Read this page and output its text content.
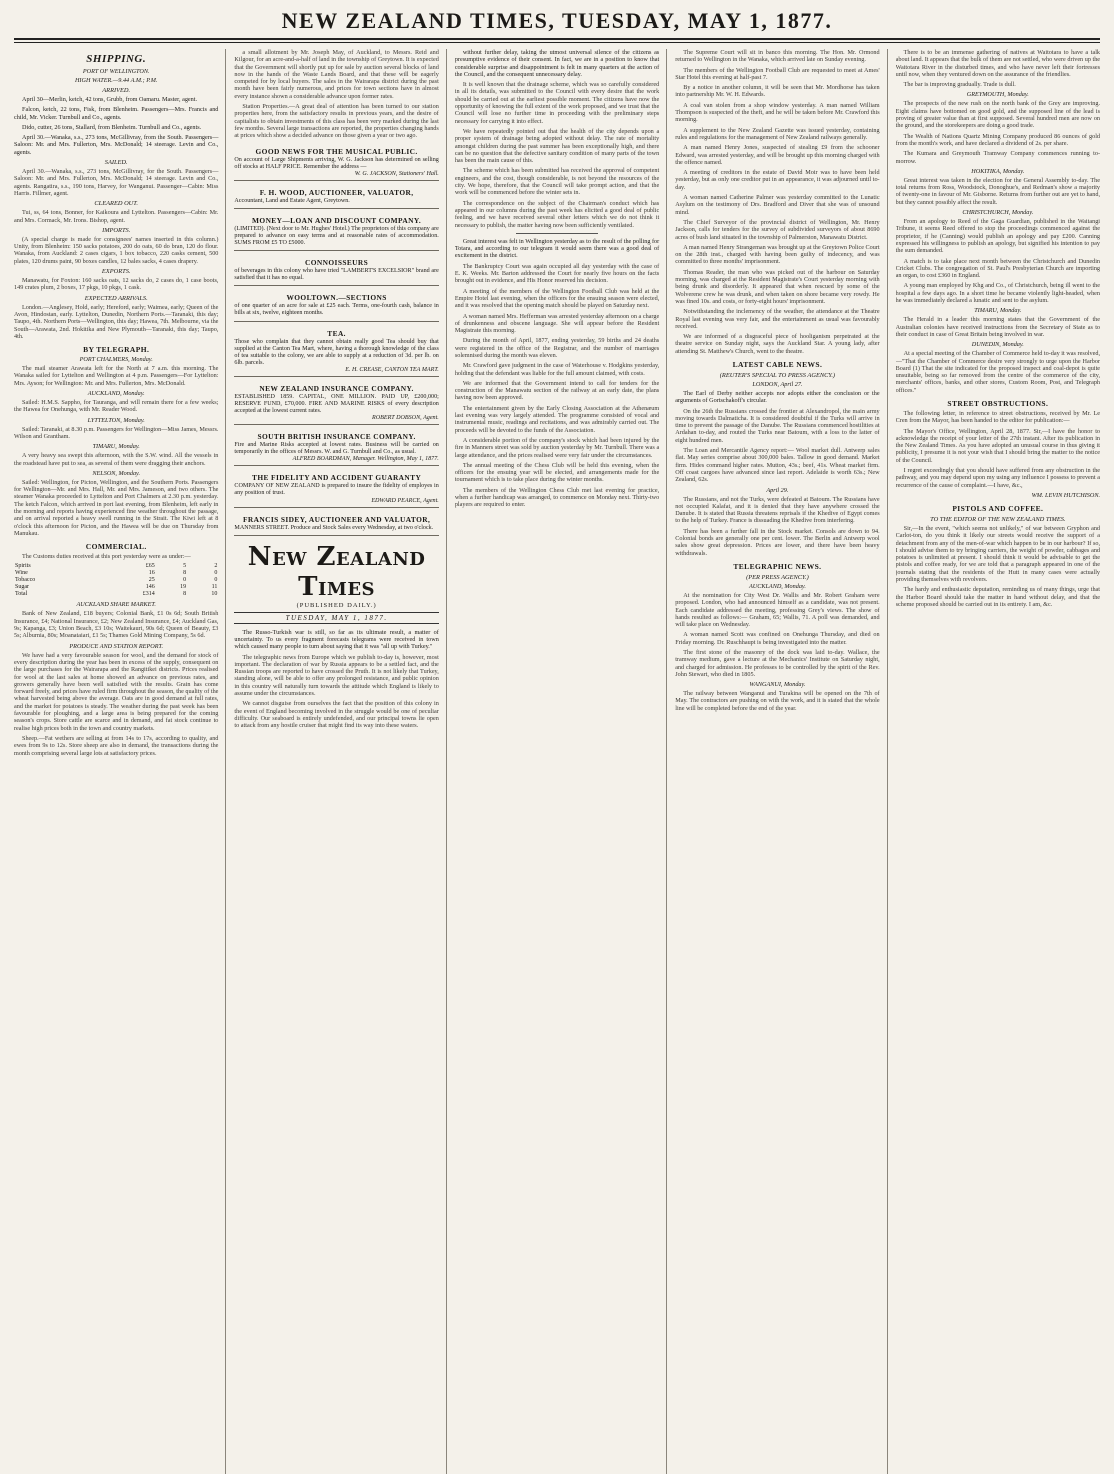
NEW ZEALAND TIMES, TUESDAY, MAY 1, 1877.
SHIPPING.
PORT OF WELLINGTON.
HIGH WATER.—9.44 A.M.; P.M.
ARRIVED.

April 30—Merlin, ketch, 42 tons, Grubb, from Oamaru. Master, agent.

Falcon, ketch, 22 tons, Fisk, from Blenheim. Passengers—Mrs. Francis and child, Mr. Vicker. Turnbull and Co., agents.

Dido, cutter, 26 tons, Stallard, from Blenheim. Turnbull and Co., agents.

April 30.—Wanaka, s.s., 273 tons, McGillivray, from the South. Passengers—Saloon: Mr. and Mrs. Fullerton, Mrs. McDonald; 14 steerage. Levin and Co., agents.

SAILED.

April 30.—Wanaka, s.s., 273 tons, McGillivray, for the South. Passengers—Saloon: Mr. and Mrs. Fullerton, Mrs. McDonald; 14 steerage. Levin and Co., agents. Rangatira, s.s., 190 tons, Harvey, for Wanganui. Passenger—Cabin: Miss Harris. Fillmer, agent.

CLEARED OUT.

Tui, ss, 64 tons, Bonner, for Kaikoura and Lyttelton. Passengers—Cabin: Mr. and Mrs. Cormack, Mr. Irons. Bishop, agent.

IMPORTS.

(A special charge is made for consignees' names inserted in this column.) Unity, from Blenheim: 150 sacks potatoes, 200 do oats, 60 do bran, 120 do flour. Wanaka, from Auckland: 2 cases cigars, 1 box tobacco, 220 casks cement, 500 plates, 120 drums paint, 90 boxes candles, 12 bales sacks, 4 cases drapery.

EXPORTS.

Manawatu, for Foxton: 160 sacks oats, 12 sacks do, 2 cases do, 1 case boots, 149 crates plum, 2 boxes, 17 pkgs, 10 pkgs, 1 cask.

EXPECTED ARRIVALS.

London.—Anglesey, Hold, early; Hereford, early; Waimea, early; Queen of the Avon, Hindostan, early. Lyttelton, Dunedin, Northern Ports.—Taranaki, this day; Taupo, 4th. Northern Ports—Wellington, this day; Hawea, 7th. Melbourne, via the South—Arawata, 2nd. Hokitika and New Plymouth—Taranaki, this day; Taupo, 4th.

BY TELEGRAPH.
PORT CHALMERS, Monday.

The mail steamer Arawata left for the North at 7 a.m. this morning. The Wanaka sailed for Lyttelton and Wellington at 4 p.m. Passengers—For Lyttelton: Mrs. Ayson; for Wellington: Mr. and Mrs. Fullerton, Mrs. McDonald.

AUCKLAND, Monday.

Sailed: H.M.S. Sappho, for Tauranga, and will remain there for a few weeks; the Hawea for Onehunga, with Mr. Reader Wood.

LYTTELTON, Monday.

Sailed: Taranaki, at 8.30 p.m. Passengers for Wellington—Miss James, Messrs. Wilson and Grantham.

TIMARU, Monday.

A very heavy sea swept this afternoon, with the S.W. wind. All the vessels in the roadstead have put to sea, as several of them were dragging their anchors.

NELSON, Monday.

Sailed: Wellington, for Picton, Wellington, and the Southern Ports. Passengers for Wellington—Mr. and Mrs. Hall, Mr. and Mrs. Jameson, and two others. The steamer Wanaka proceeded to Lyttelton and Port Chalmers at 2.30 p.m. yesterday. The ketch Falcon, which arrived in port last evening, from Blenheim, left early in the morning and reports having experienced fine weather throughout the passage, and on arrival reported a heavy swell running in the Strait. The Kiwi left at 8 o'clock this afternoon for Picton, and the Hawea will be due on Thursday from Manukau.

COMMERCIAL.

The Customs duties received at this port yesterday were as under:—

Spirits	£65	5	2
Wine	16	8	0
Tobacco	25	0	0
Sugar	146	19	11
Total	£314	8	10
AUCKLAND SHARE MARKET.

Bank of New Zealand, £18 buyers; Colonial Bank, £1 0s 6d; South British Insurance, £4; National Insurance, £2; New Zealand Insurance, £4; Auckland Gas, 9s; Kapanga, £3; Union Beach, £3 10s; Waitekauri, 90s 6d; Queen of Beauty, £3 5s; Alburnia, 80s; Moanataiari, £1 5s; Thames Gold Mining Company, 5s 6d.

PRODUCE AND STATION REPORT.

We have had a very favourable season for wool, and the demand for stock of every description during the year has been in excess of the supply, consequent on the large purchases for the Wairarapa and the Rangitikei districts. Prices realised for wool at the last sales at home showed an advance on previous rates, and growers generally have been well satisfied with the results. Grain has come forward freely, and prices have ruled firm throughout the season, the quality of the wheat harvested being above the average. Oats are in good demand at full rates, and the market for potatoes is steady. The weather during the past week has been favourable for ploughing, and a large area is being prepared for the coming season's crops. Store cattle are scarce and in demand, and fat stock continue to realise high prices both in the town and country markets.

Sheep.—Fat wethers are selling at from 14s to 17s, according to quality, and ewes from 9s to 12s. Store sheep are also in demand, the transactions during the month comprising several large lots at satisfactory prices.

a small allotment by Mr. Joseph May, of Auckland, to Messrs. Reid and Kilgour, for an acre-and-a-half of land in the township of Greytown. It is expected that the Government will shortly put up for sale by auction several blocks of land now in the hands of the Waste Lands Board, and that these will be eagerly competed for by local buyers. The sales in the Wairarapa district during the past month have been fairly numerous, and prices for town sections have in almost every instance shown a considerable advance upon former rates.

Station Properties.—A great deal of attention has been turned to our station properties here, from the satisfactory results in previous years, and the desire of capitalists to obtain investments of this class has been very marked during the last few months. Several large transactions are reported, the properties changing hands at prices which show a decided advance on those given a year or two ago.

GOOD NEWS FOR THE MUSICAL PUBLIC.
On account of Large Shipments arriving, W. G. Jackson has determined on selling off stocks at HALF PRICE. Remember the address —
W. G. JACKSON, Stationers' Hall.
F. H. WOOD, AUCTIONEER, VALUATOR,
Accountant, Land and Estate Agent, Greytown.
MONEY—LOAN AND DISCOUNT COMPANY.
(LIMITED). (Next door to Mr. Hughes' Hotel.) The proprietors of this company are prepared to advance on easy terms and at reasonable rates of accommodation. SUMS FROM £5 TO £5000.
CONNOISSEURS
of beverages in this colony who have tried "LAMBERT'S EXCELSIOR" brand are satisfied that it has no equal.
WOOLTOWN.—SECTIONS
of one quarter of an acre for sale at £25 each. Terms, one-fourth cash, balance in bills at six, twelve, eighteen months.
TEA.
Those who complain that they cannot obtain really good Tea should buy that supplied at the Canton Tea Mart, where, having a thorough knowledge of the class of tea suitable to the colony, we are able to supply at a reduction of 3d. per lb. on 6lb. parcels.
E. H. CREASE, CANTON TEA MART.
NEW ZEALAND INSURANCE COMPANY.
ESTABLISHED 1859. CAPITAL, ONE MILLION. PAID UP, £200,000; RESERVE FUND, £70,000. FIRE AND MARINE RISKS of every description accepted at the lowest current rates.
ROBERT DOBSON, Agent.
SOUTH BRITISH INSURANCE COMPANY.
Fire and Marine Risks accepted at lowest rates. Business will be carried on temporarily in the offices of Messrs. W. and G. Turnbull and Co., as usual.
ALFRED BOARDMAN, Manager. Wellington, May 1, 1877.
THE FIDELITY AND ACCIDENT GUARANTY
COMPANY OF NEW ZEALAND is prepared to insure the fidelity of employes in any position of trust.
EDWARD PEARCE, Agent.
FRANCIS SIDEY, AUCTIONEER AND VALUATOR,
MANNERS STREET. Produce and Stock Sales every Wednesday, at two o'clock.
New Zealand Times
(PUBLISHED DAILY.)
TUESDAY, MAY 1, 1877.

The Russo-Turkish war is still, so far as its ultimate result, a matter of uncertainty. To us every fragment forecasts telegrams were received in town which caused many people to turn about saying that it was "all up with Turkey."

The telegraphic news from Europe which we publish to-day is, however, most important. The declaration of war by Russia appears to be a settled fact, and the Russian troops are reported to have crossed the Pruth. It is not likely that Turkey, standing alone, will be able to offer any prolonged resistance, and public opinion in this country will naturally turn towards the attitude which England is likely to assume under the circumstances.

We cannot disguise from ourselves the fact that the position of this colony in the event of England becoming involved in the struggle would be one of peculiar difficulty. Our seaboard is entirely undefended, and our principal towns lie open to attack from any hostile cruiser that might find its way into these waters.

without further delay, taking the utmost universal silence of the citizens as presumptive evidence of their consent. In fact, we are in a position to know that considerable surprise and disappointment is felt in many quarters at the action of the Council, and the consequent unnecessary delay.

It is well known that the drainage scheme, which was so carefully considered in all its details, was submitted to the Council with every desire that the work should be carried out at the earliest possible moment. The citizens have now the opportunity of knowing the full extent of the work proposed, and we trust that the Council will lose no further time in proceeding with the preliminary steps necessary for carrying it into effect.

We have repeatedly pointed out that the health of the city depends upon a proper system of drainage being adopted without delay. The rate of mortality amongst children during the past summer has been exceptionally high, and there can be no question that the defective sanitary condition of many parts of the town has been the main cause of this.

The scheme which has been submitted has received the approval of competent engineers, and the cost, though considerable, is not beyond the resources of the city. We hope, therefore, that the Council will take prompt action, and that the work will be commenced before the winter sets in.

The correspondence on the subject of the Chairman's conduct which has appeared in our columns during the past week has elicited a good deal of public feeling, and we have received several other letters which we do not think it necessary to publish, the matter having now been sufficiently ventilated.

Great interest was felt in Wellington yesterday as to the result of the polling for Totara, and according to our telegram it would seem there was a good deal of excitement in the district.

The Bankruptcy Court was again occupied all day yesterday with the case of E. K. Weeks. Mr. Barton addressed the Court for nearly five hours on the facts brought out in evidence, and His Honor reserved his decision.

A meeting of the members of the Wellington Football Club was held at the Empire Hotel last evening, when the officers for the ensuing season were elected, and it was resolved that the opening match should be played on Saturday next.

A woman named Mrs. Hefferman was arrested yesterday afternoon on a charge of drunkenness and obscene language. She will appear before the Resident Magistrate this morning.

During the month of April, 1877, ending yesterday, 59 births and 24 deaths were registered in the office of the Registrar, and the number of marriages solemnised during the month was eleven.

Mr. Crawford gave judgment in the case of Waterhouse v. Hodgkins yesterday, holding that the defendant was liable for the full amount claimed, with costs.

We are informed that the Government intend to call for tenders for the construction of the Manawatu section of the railway at an early date, the plans having now been approved.

The entertainment given by the Early Closing Association at the Athenæum last evening was very largely attended. The programme consisted of vocal and instrumental music, readings and recitations, and was admirably carried out. The proceeds will be devoted to the funds of the Association.

A considerable portion of the company's stock which had been injured by the fire in Manners street was sold by auction yesterday by Mr. Turnbull. There was a large attendance, and the prices realised were very fair under the circumstances.

The annual meeting of the Chess Club will be held this evening, when the officers for the ensuing year will be elected, and arrangements made for the tournament which is to take place during the winter months.

The members of the Wellington Chess Club met last evening for practice, when a further handicap was arranged, to commence on Monday next. Thirty-two players are required to enter.

The Supreme Court will sit in banco this morning. The Hon. Mr. Ormond returned to Wellington in the Wanaka, which arrived late on Sunday evening.

The members of the Wellington Football Club are requested to meet at Ames' Star Hotel this evening at half-past 7.

By a notice in another column, it will be seen that Mr. Mordhorse has taken into partnership Mr. W. H. Edwards.

A coal van stolen from a shop window yesterday. A man named William Thompson is suspected of the theft, and he will be taken before Mr. Crawford this morning.

A supplement to the New Zealand Gazette was issued yesterday, containing rules and regulations for the management of New Zealand railways generally.

A man named Henry Jones, suspected of stealing £9 from the schooner Edward, was arrested yesterday, and will be brought up this morning charged with the offence named.

A meeting of creditors in the estate of David Moir was to have been held yesterday, but as only one creditor put in an appearance, it was adjourned until to-day.

A woman named Catherine Palmer was yesterday committed to the Lunatic Asylum on the testimony of Drs. Bradford and Diver that she was of unsound mind.

The Chief Surveyor of the provincial district of Wellington, Mr. Henry Jackson, calls for tenders for the survey of subdivided surveyors of about 8690 acres of bush land situated in the township of Palmerston, Manawatu District.

A man named Henry Strangeman was brought up at the Greytown Police Court on the 28th inst., charged with having been guilty of indecency, and was committed to three months' imprisonment.

Thomas Reader, the man who was picked out of the harbour on Saturday morning, was charged at the Resident Magistrate's Court yesterday morning with being drunk and disorderly. It appeared that when rescued by some of the Wolverene crew he was drunk, and when taken on shore became very rowdy. He was fined 10s. and costs, or forty-eight hours' imprisonment.

Notwithstanding the inclemency of the weather, the attendance at the Theatre Royal last evening was very fair, and the entertainment as usual was favourably received.

We are informed of a disgraceful piece of hooliganism perpetrated at the theatre service on Sunday night, says the Auckland Star. A young lady, after attending St. Matthew's Church, went to the theatre.

LATEST CABLE NEWS.
(REUTER'S SPECIAL TO PRESS AGENCY.)
LONDON, April 27.

The Earl of Derby neither accepts nor adopts either the conclusion or the arguments of Gortschakoff's circular.

On the 26th the Russians crossed the frontier at Alexandropol, the main army moving towards Dalmaticha. It is considered doubtful if the Turks will arrive in time to prevent the passage of the Danube. The Russians commenced hostilities at Ardahan to-day, and routed the Turks near Batoum, with a loss to the latter of eight hundred men.

The Loan and Mercantile Agency report:— Wool market dull. Antwerp sales flat. May series comprise about 300,000 bales. Tallow in good demand. Market firm. Hides command higher rates. Mutton, 43s.; beef, 41s. Wheat market firm. Off coast cargoes have advanced since last report. Adelaide is worth 63s.; New Zealand, 62s.

April 29.

The Russians, and not the Turks, were defeated at Batoum. The Russians have not occupied Kalafat, and it is denied that they have anywhere crossed the Danube. It is stated that Russia threatens reprisals if the Khedive of Egypt comes to the help of Turkey. France is dissuading the Khedive from interfering.

There has been a further fall in the Stock market. Consols are down to 94. Colonial bonds are generally one per cent. lower. The Berlin and Antwerp wool sales show great depression. Prices are lower, and there have been heavy withdrawals.

TELEGRAPHIC NEWS.
(PER PRESS AGENCY.)
AUCKLAND, Monday.

At the nomination for City West Dr. Wallis and Mr. Robert Graham were proposed. London, who had announced himself as a candidate, was not present. Each candidate addressed the meeting, professing Grey's views. The show of hands resulted as follows:— Graham, 65; Wallis, 71. A poll was demanded, and will take place on Wednesday.

A woman named Scott was confined on Onehunga Thursday, and died on Friday morning. Dr. Ruschhaupt is being investigated into the matter.

The first stone of the masonry of the dock was laid to-day. Wallace, the tramway medium, gave a lecture at the Mechanics' Institute on Saturday night, and charged for admission. He professes to be controlled by the spirit of the Rev. John Stewart, who died in 1805.

WANGANUI, Monday.

The railway between Wanganui and Turakina will be opened on the 7th of May. The contractors are pushing on with the work, and it is stated that the whole line will be completed before the end of the year.

There is to be an immense gathering of natives at Waitotara to have a talk about land. It appears that the bulk of them are not settled, who were driven up the Waitotara River in the disturbed times, and who have never left their fortresses until now, when they ventured down on the assurance of the friendlies.

The bar is improving gradually. Trade is dull.

GREYMOUTH, Monday.

The prospects of the new rush on the north bank of the Grey are improving. Eight claims have bottomed on good gold, and the supposed line of the lead is proving of greater value than at first supposed. Several hundred men are now on the ground, and the storekeepers are doing a good trade.

The Wealth of Nations Quartz Mining Company produced 86 ounces of gold from the month's work, and have declared a dividend of 2s. per share.

The Kumara and Greymouth Tramway Company commences running to-morrow.

HOKITIKA, Monday.

Great interest was taken in the election for the General Assembly to-day. The total returns from Ross, Woodstock, Donoghue's, and Redman's show a majority of twenty-one in favour of Mr. Gisborne. Returns from further out are yet to hand, but they cannot possibly affect the result.

CHRISTCHURCH, Monday.

From an apology to Reed of the Gaga Guardian, published in the Waitangi Tribune, it seems Reed offered to stop the proceedings commenced against the proprietor, if he (Canning) would publish an apology and pay £200. Canning expressed his willingness to publish an apology, but signified his intention to pay the sum demanded.

A match is to take place next month between the Christchurch and Dunedin Cricket Clubs. The congregation of St. Paul's Presbyterian Church are importing an organ, to cost £360 in England.

A young man employed by Khg and Co., of Christchurch, being ill went to the hospital a few days ago. In a short time he became violently light-headed, when he was immediately declared a lunatic and sent to the asylum.

TIMARU, Monday.

The Herald in a leader this morning states that the Government of the Australian colonies have received instructions from the Secretary of State as to their conduct in case of Great Britain being involved in war.

DUNEDIN, Monday.

At a special meeting of the Chamber of Commerce held to-day it was resolved,—"That the Chamber of Commerce desire very strongly to urge upon the Harbor Board (1) That the site indicated for the proposed inspect and coal-depot is quite unsuitable, being so far removed from the centre of the commerce of the city, merchants' offices, banks, and other stores, Custom Room, Post, and Telegraph offices."

STREET OBSTRUCTIONS.

The following letter, in reference to street obstructions, received by Mr. Le Cren from the Mayor, has been handed to the editor for publication:—

The Mayor's Office, Wellington, April 28, 1877. Sir,—I have the honor to acknowledge the receipt of your letter of the 27th instant. After its publication in the New Zealand Times. As you have adopted an unusual course in thus giving it publicity, I presume it is not your wish that I should bring the matter to the notice of the Council.

I regret exceedingly that you should have suffered from any obstruction in the pathway, and you may depend upon my using any influence I possess to prevent a recurrence of the cause of complaint.—I have, &c.,

WM. LEVIN HUTCHISON.
PISTOLS AND COFFEE.
TO THE EDITOR OF THE NEW ZEALAND TIMES.

Sir,—In the event, "which seems not unlikely," of war between Gryphon and Carlot-ton, do you think it likely our streets would receive the support of a detachment from any of the men-of-war which happen to be in our harbour? If so, I should advise them to try bringing carriers, the weight of powder, cabbages and potatoes is unlimited at present. I should think it would be advisable to get the pistols and coffee ready, for we are told that a paragraph appeared in one of the journals stating that the residents of the Hutt in many cases were actually providing themselves with revolvers.

The hardy and enthusiastic deputation, reminding us of many things, urge that the Harbor Board should take the matter in hand without delay, and that the scheme proposed should be carried out in its entirety. I am, &c.
